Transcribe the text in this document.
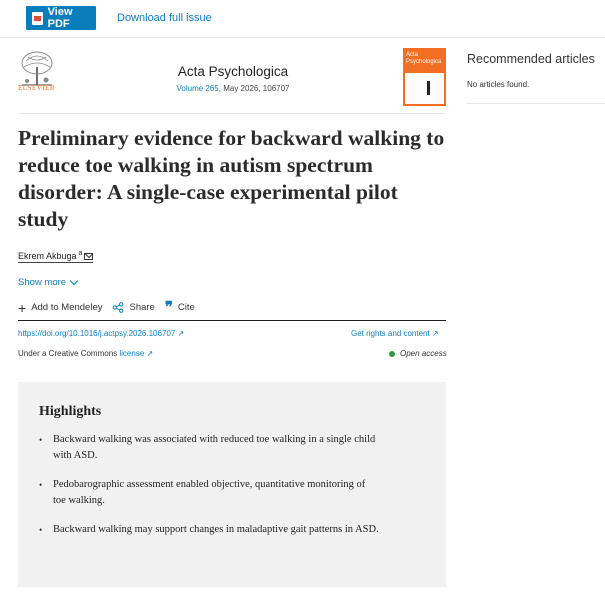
View PDF	Download full issue
ELSEVIER
Acta Psychologica
Volume 265, May 2026, 106707
Acta Psychologica	Recommended articles
No articles found.
Preliminary evidence for backward walking to reduce toe walking in autism spectrum disorder: A single-case experimental pilot study
Ekrem Akbuga $^a$
Show more
+ Add to Mendeley	Share ❞ Cite
https://doi.org/10.1016/j.actpsy.2026.106707 ↗	Get rights and content ↗
Under a Creative Commons license ↗	Open access
Highlights
• Backward walking was associated with reduced toe walking in a single child with ASD.
• Pedobarographic assessment enabled objective, quantitative monitoring of toe walking.
• Backward walking may support changes in maladaptive gait patterns in ASD.
